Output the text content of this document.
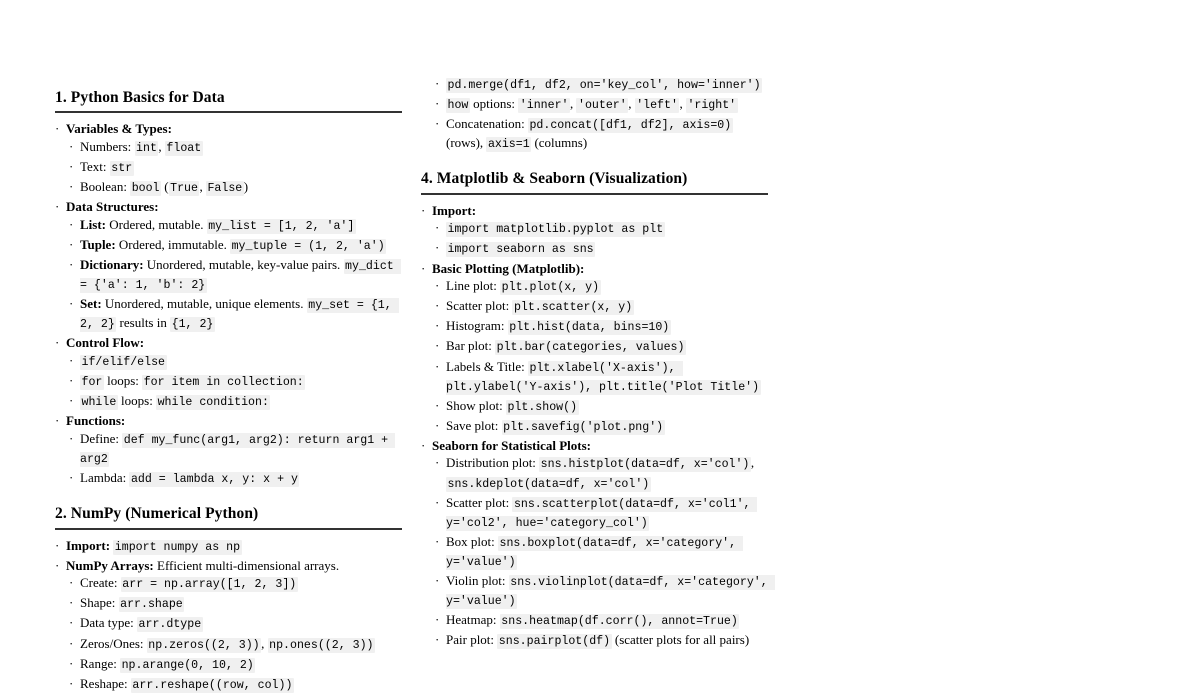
1. Python Basics for Data
· Variables & Types:
· Numbers: int , float
· Text: str
· Boolean: bool ( True , False )
· Data Structures:
· List: Ordered, mutable. my_list = [1, 2, 'a']
· Tuple: Ordered, immutable. my_tuple = (1, 2, 'a')
· Dictionary: Unordered, mutable, key-value pairs. my_dict = {'a': 1, 'b': 2}
· Set: Unordered, mutable, unique elements. my_set = {1, 2, 2} results in {1, 2}
· Control Flow:
· if/elif/else
· for loops: for item in collection:
· while loops: while condition:
· Functions:
· Define: def my_func(arg1, arg2): return arg1 + arg2
· Lambda: add = lambda x, y: x + y
2. NumPy (Numerical Python)
· Import: import numpy as np
· NumPy Arrays: Efficient multi-dimensional arrays.
· Create: arr = np.array([1, 2, 3])
· Shape: arr.shape
· Data type: arr.dtype
· Zeros/Ones: np.zeros((2, 3)) , np.ones((2, 3))
· Range: np.arange(0, 10, 2)
· Reshape: arr.reshape((row, col))
· pd.merge(df1, df2, on='key_col', how='inner')
· how options: 'inner' , 'outer' , 'left' , 'right'
· Concatenation: pd.concat([df1, df2], axis=0) (rows), axis=1 (columns)
4. Matplotlib & Seaborn (Visualization)
· Import:
· import matplotlib.pyplot as plt
· import seaborn as sns
· Basic Plotting (Matplotlib):
· Line plot: plt.plot(x, y)
· Scatter plot: plt.scatter(x, y)
· Histogram: plt.hist(data, bins=10)
· Bar plot: plt.bar(categories, values)
· Labels & Title: plt.xlabel('X-axis'), plt.ylabel('Y-axis'), plt.title('Plot Title')
· Show plot: plt.show()
· Save plot: plt.savefig('plot.png')
· Seaborn for Statistical Plots:
· Distribution plot: sns.histplot(data=df, x='col') , sns.kdeplot(data=df, x='col')
· Scatter plot: sns.scatterplot(data=df, x='col1', y='col2', hue='category_col')
· Box plot: sns.boxplot(data=df, x='category', y='value')
· Violin plot: sns.violinplot(data=df, x='category', y='value')
· Heatmap: sns.heatmap(df.corr(), annot=True)
· Pair plot: sns.pairplot(df) (scatter plots for all pairs)
